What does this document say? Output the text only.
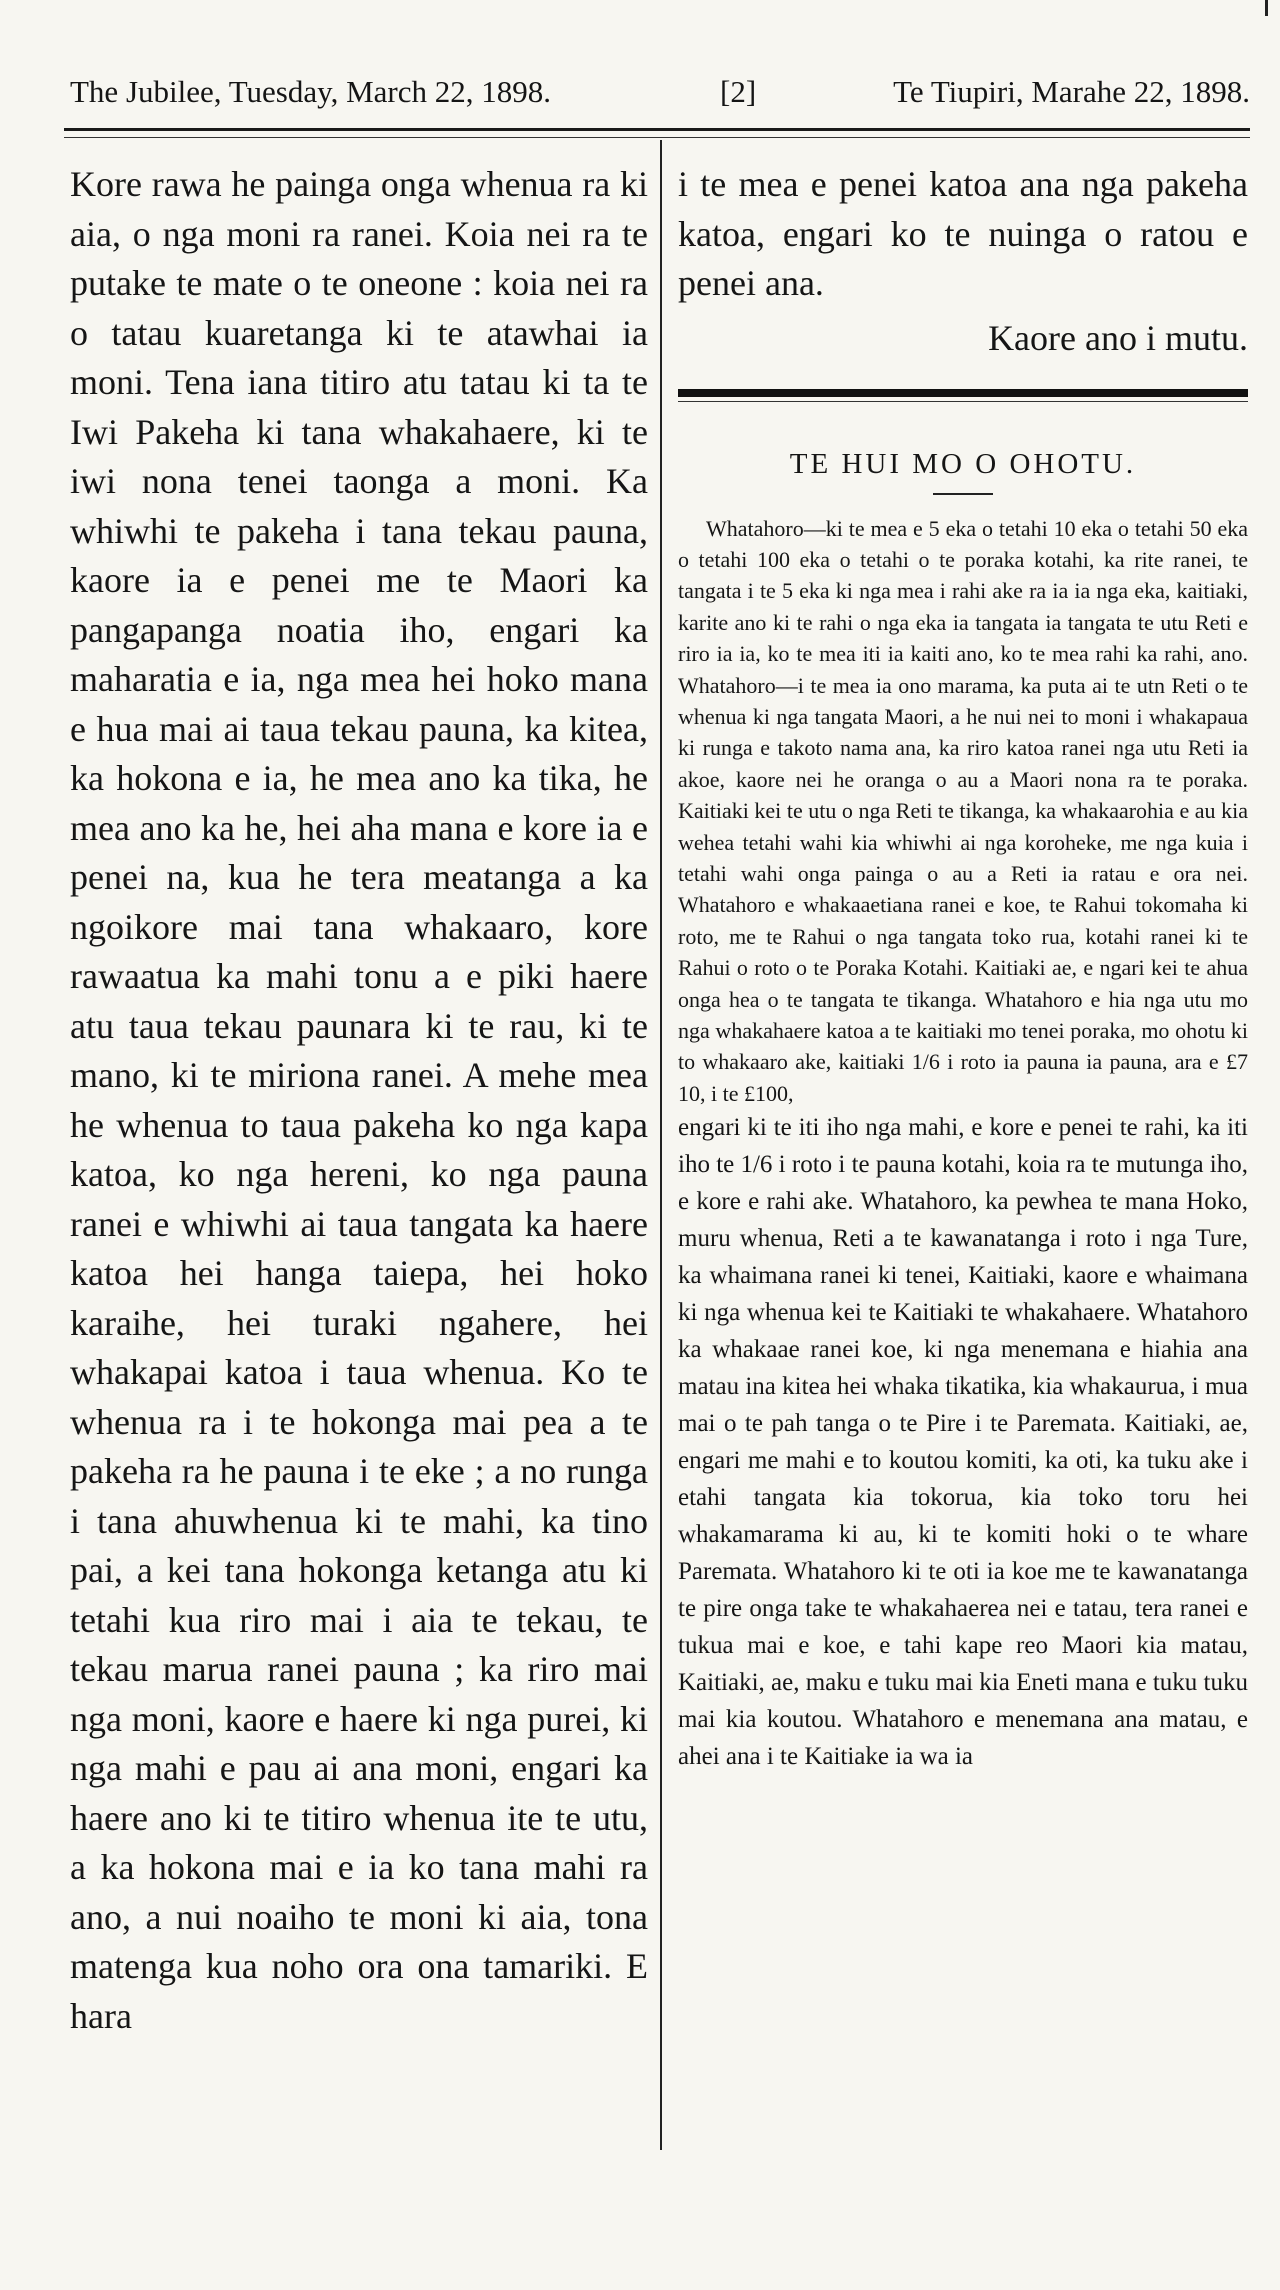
The Jubilee, Tuesday, March 22, 1898.	[2]	Te Tiupiri, Marahe 22, 1898.

Kore rawa he painga onga whenua ra ki aia, o nga moni ra ranei. Koia nei ra te putake te mate o te oneone : koia nei ra o tatau kuaretanga ki te atawhai ia moni. Tena iana titiro atu tatau ki ta te Iwi Pakeha ki tana whakahaere, ki te iwi nona tenei taonga a moni. Ka whiwhi te pakeha i tana tekau pauna, kaore ia e penei me te Maori ka pangapanga noatia iho, engari ka maharatia e ia, nga mea hei hoko mana e hua mai ai taua tekau pauna, ka kitea, ka hokona e ia, he mea ano ka tika, he mea ano ka he, hei aha mana e kore ia e penei na, kua he tera meatanga a ka ngoikore mai tana whakaaro, kore rawaatua ka mahi tonu a e piki haere atu taua tekau paunara ki te rau, ki te mano, ki te miriona ranei. A mehe mea he whenua to taua pakeha ko nga kapa katoa, ko nga hereni, ko nga pauna ranei e whiwhi ai taua tangata ka haere katoa hei hanga taiepa, hei hoko karaihe, hei turaki ngahere, hei whakapai katoa i taua whenua. Ko te whenua ra i te hokonga mai pea a te pakeha ra he pauna i te eke ; a no runga i tana ahuwhenua ki te mahi, ka tino pai, a kei tana hokonga ketanga atu ki tetahi kua riro mai i aia te tekau, te tekau marua ranei pauna ; ka riro mai nga moni, kaore e haere ki nga purei, ki nga mahi e pau ai ana moni, engari ka haere ano ki te titiro whenua ite te utu, a ka hokona mai e ia ko tana mahi ra ano, a nui noaiho te moni ki aia, tona matenga kua noho ora ona tamariki. E hara

i te mea e penei katoa ana nga pakeha katoa, engari ko te nuinga o ratou e penei ana.

Kaore ano i mutu.

TE HUI MO O OHOTU.

Whatahoro—ki te mea e 5 eka o tetahi 10 eka o tetahi 50 eka o tetahi 100 eka o tetahi o te poraka kotahi, ka rite ranei, te tangata i te 5 eka ki nga mea i rahi ake ra ia ia nga eka, kaitiaki, karite ano ki te rahi o nga eka ia tangata ia tangata te utu Reti e riro ia ia, ko te mea iti ia kaiti ano, ko te mea rahi ka rahi, ano. Whatahoro—i te mea ia ono marama, ka puta ai te utn Reti o te whenua ki nga tangata Maori, a he nui nei to moni i whakapaua ki runga e takoto nama ana, ka riro katoa ranei nga utu Reti ia akoe, kaore nei he oranga o au a Maori nona ra te poraka. Kaitiaki kei te utu o nga Reti te tikanga, ka whakaarohia e au kia wehea tetahi wahi kia whiwhi ai nga koroheke, me nga kuia i tetahi wahi onga painga o au a Reti ia ratau e ora nei. Whatahoro e whakaaetiana ranei e koe, te Rahui tokomaha ki roto, me te Rahui o nga tangata toko rua, kotahi ranei ki te Rahui o roto o te Poraka Kotahi. Kaitiaki ae, e ngari kei te ahua onga hea o te tangata te tikanga. Whatahoro e hia nga utu mo nga whakahaere katoa a te kaitiaki mo tenei poraka, mo ohotu ki to whakaaro ake, kaitiaki 1/6 i roto ia pauna ia pauna, ara e £7 10, i te £100,

engari ki te iti iho nga mahi, e kore e penei te rahi, ka iti iho te 1/6 i roto i te pauna kotahi, koia ra te mutunga iho, e kore e rahi ake. Whatahoro, ka pewhea te mana Hoko, muru whenua, Reti a te kawanatanga i roto i nga Ture, ka whaimana ranei ki tenei, Kaitiaki, kaore e whaimana ki nga whenua kei te Kaitiaki te whakahaere. Whatahoro ka whakaae ranei koe, ki nga menemana e hiahia ana matau ina kitea hei whaka tikatika, kia whakaurua, i mua mai o te pah tanga o te Pire i te Paremata. Kaitiaki, ae, engari me mahi e to koutou komiti, ka oti, ka tuku ake i etahi tangata kia tokorua, kia toko toru hei whakamarama ki au, ki te komiti hoki o te whare Paremata. Whatahoro ki te oti ia koe me te kawanatanga te pire onga take te whakahaerea nei e tatau, tera ranei e tukua mai e koe, e tahi kape reo Maori kia matau, Kaitiaki, ae, maku e tuku mai kia Eneti mana e tuku tuku mai kia koutou. Whatahoro e menemana ana matau, e ahei ana i te Kaitiake ia wa ia
